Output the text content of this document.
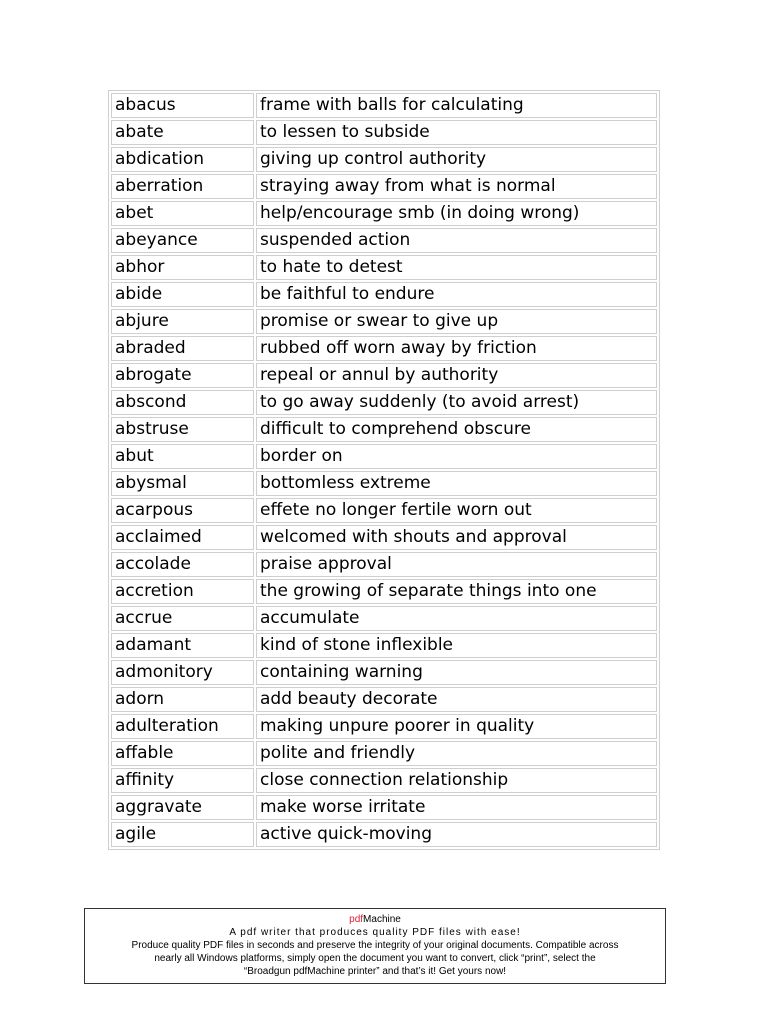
abacus	frame with balls for calculating
abate	to lessen to subside
abdication	giving up control authority
aberration	straying away from what is normal
abet	help/encourage smb (in doing wrong)
abeyance	suspended action
abhor	to hate to detest
abide	be faithful to endure
abjure	promise or swear to give up
abraded	rubbed off worn away by friction
abrogate	repeal or annul by authority
abscond	to go away suddenly (to avoid arrest)
abstruse	difficult to comprehend obscure
abut	border on
abysmal	bottomless extreme
acarpous	effete no longer fertile worn out
acclaimed	welcomed with shouts and approval
accolade	praise approval
accretion	the growing of separate things into one
accrue	accumulate
adamant	kind of stone inflexible
admonitory	containing warning
adorn	add beauty decorate
adulteration	making unpure poorer in quality
affable	polite and friendly
affinity	close connection relationship
aggravate	make worse irritate
agile	active quick-moving
pdfMachine
A pdf writer that produces quality PDF files with ease!
Produce quality PDF files in seconds and preserve the integrity of your original documents. Compatible across
nearly all Windows platforms, simply open the document you want to convert, click “print”, select the
“Broadgun pdfMachine printer” and that’s it! Get yours now!
